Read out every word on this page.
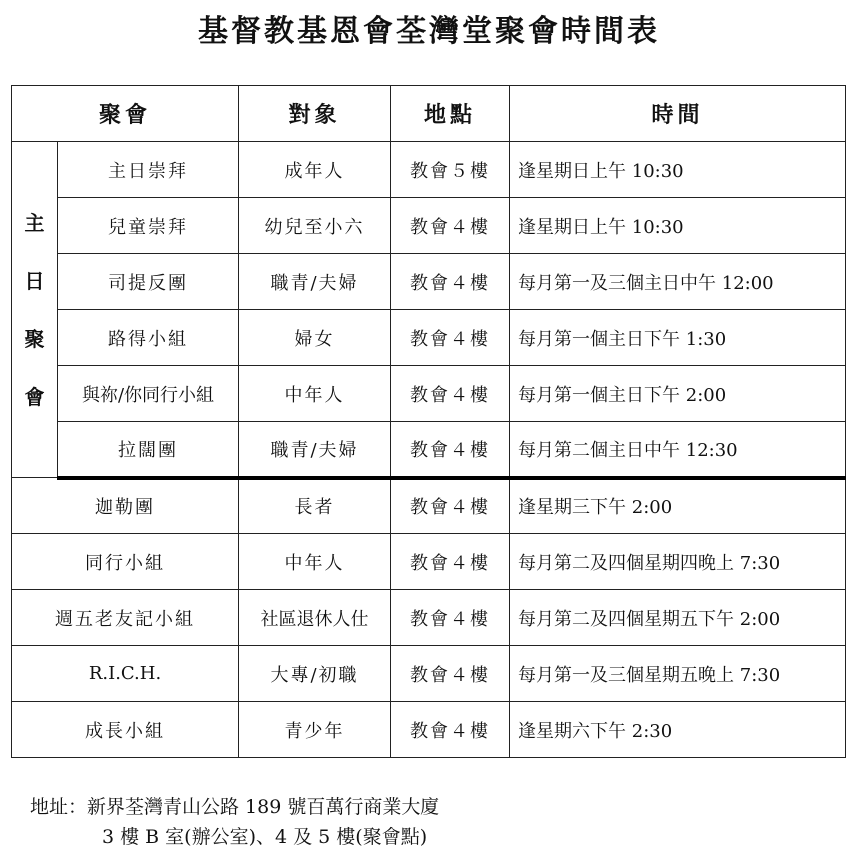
基督教基恩會荃灣堂聚會時間表
聚會		對象	地點	時間
主
日
聚
會	主日崇拜	成年人	教會５樓	逢星期日上午 10:30
	兒童崇拜	幼兒至小六	教會４樓	逢星期日上午 10:30
	司提反團	職青/夫婦	教會４樓	每月第一及三個主日中午 12:00
	路得小組	婦女	教會４樓	每月第一個主日下午 1:30
	與祢/你同行小組	中年人	教會４樓	每月第一個主日下午 2:00
	拉闊團	職青/夫婦	教會４樓	每月第二個主日中午 12:30
迦勒團		長者	教會４樓	逢星期三下午 2:00
同行小組		中年人	教會４樓	每月第二及四個星期四晚上 7:30
週五老友記小組		社區退休人仕	教會４樓	每月第二及四個星期五下午 2:00
R.I.C.H.		大專/初職	教會４樓	每月第一及三個星期五晚上 7:30
成長小組		青少年	教會４樓	逢星期六下午 2:30
地址：新界荃灣青山公路 189 號百萬行商業大廈
3 樓 B 室(辦公室)、4 及 5 樓(聚會點)
